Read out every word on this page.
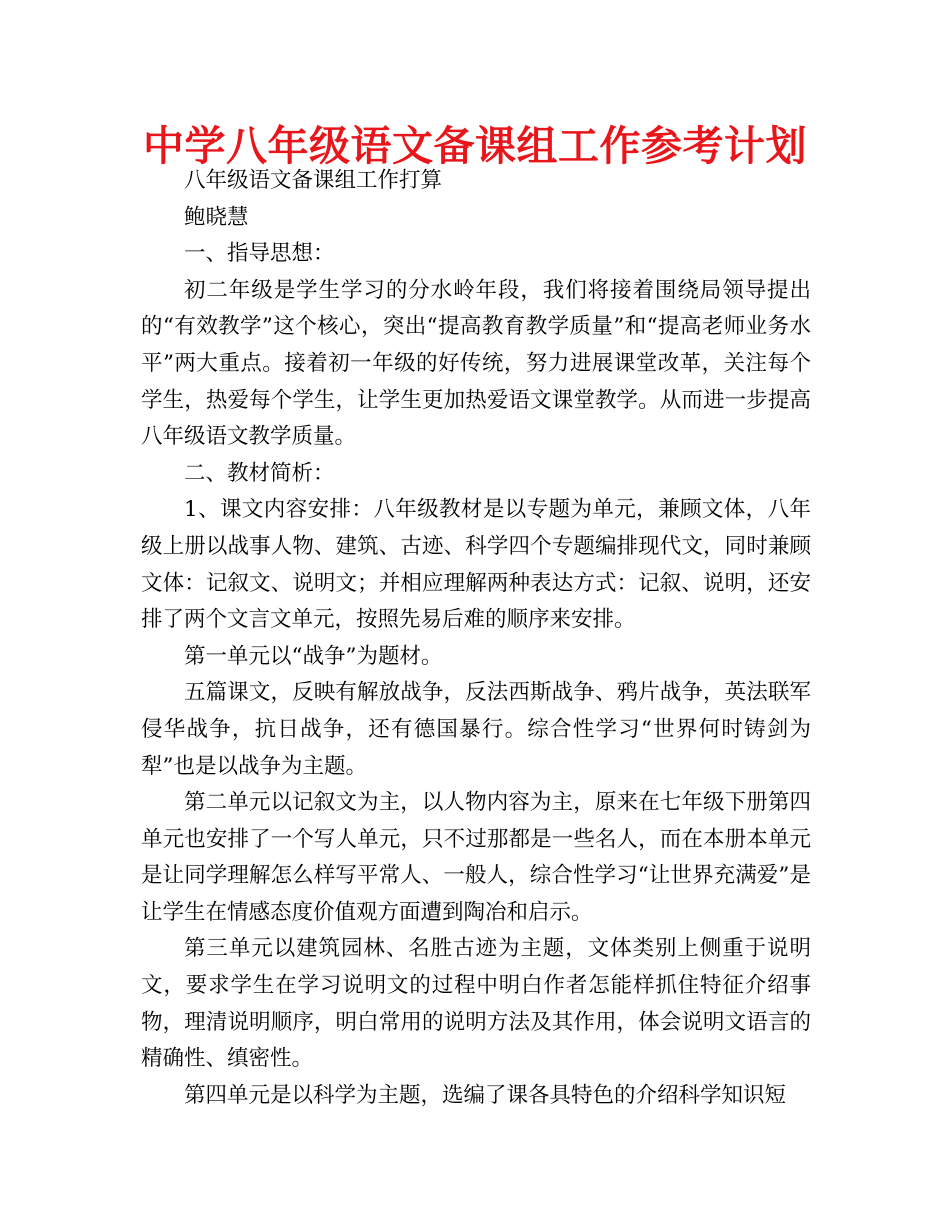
中学八年级语文备课组工作参考计划

八年级语文备课组工作打算

鲍晓慧

一、指导思想：

初二年级是学生学习的分水岭年段，我们将接着围绕局领导提出的“有效教学”这个核心，突出“提高教育教学质量”和“提高老师业务水平”两大重点。接着初一年级的好传统，努力进展课堂改革，关注每个学生，热爱每个学生，让学生更加热爱语文课堂教学。从而进一步提高八年级语文教学质量。

二、教材简析：

1、课文内容安排：八年级教材是以专题为单元，兼顾文体，八年级上册以战事人物、建筑、古迹、科学四个专题编排现代文，同时兼顾文体：记叙文、说明文；并相应理解两种表达方式：记叙、说明，还安排了两个文言文单元，按照先易后难的顺序来安排。

第一单元以“战争”为题材。

五篇课文，反映有解放战争，反法西斯战争、鸦片战争，英法联军侵华战争，抗日战争，还有德国暴行。综合性学习“世界何时铸剑为犁”也是以战争为主题。

第二单元以记叙文为主，以人物内容为主，原来在七年级下册第四单元也安排了一个写人单元，只不过那都是一些名人，而在本册本单元是让同学理解怎么样写平常人、一般人，综合性学习“让世界充满爱”是让学生在情感态度价值观方面遭到陶冶和启示。

第三单元以建筑园林、名胜古迹为主题，文体类别上侧重于说明文，要求学生在学习说明文的过程中明白作者怎能样抓住特征介绍事物，理清说明顺序，明白常用的说明方法及其作用，体会说明文语言的精确性、缜密性。

第四单元是以科学为主题，选编了课各具特色的介绍科学知识短
